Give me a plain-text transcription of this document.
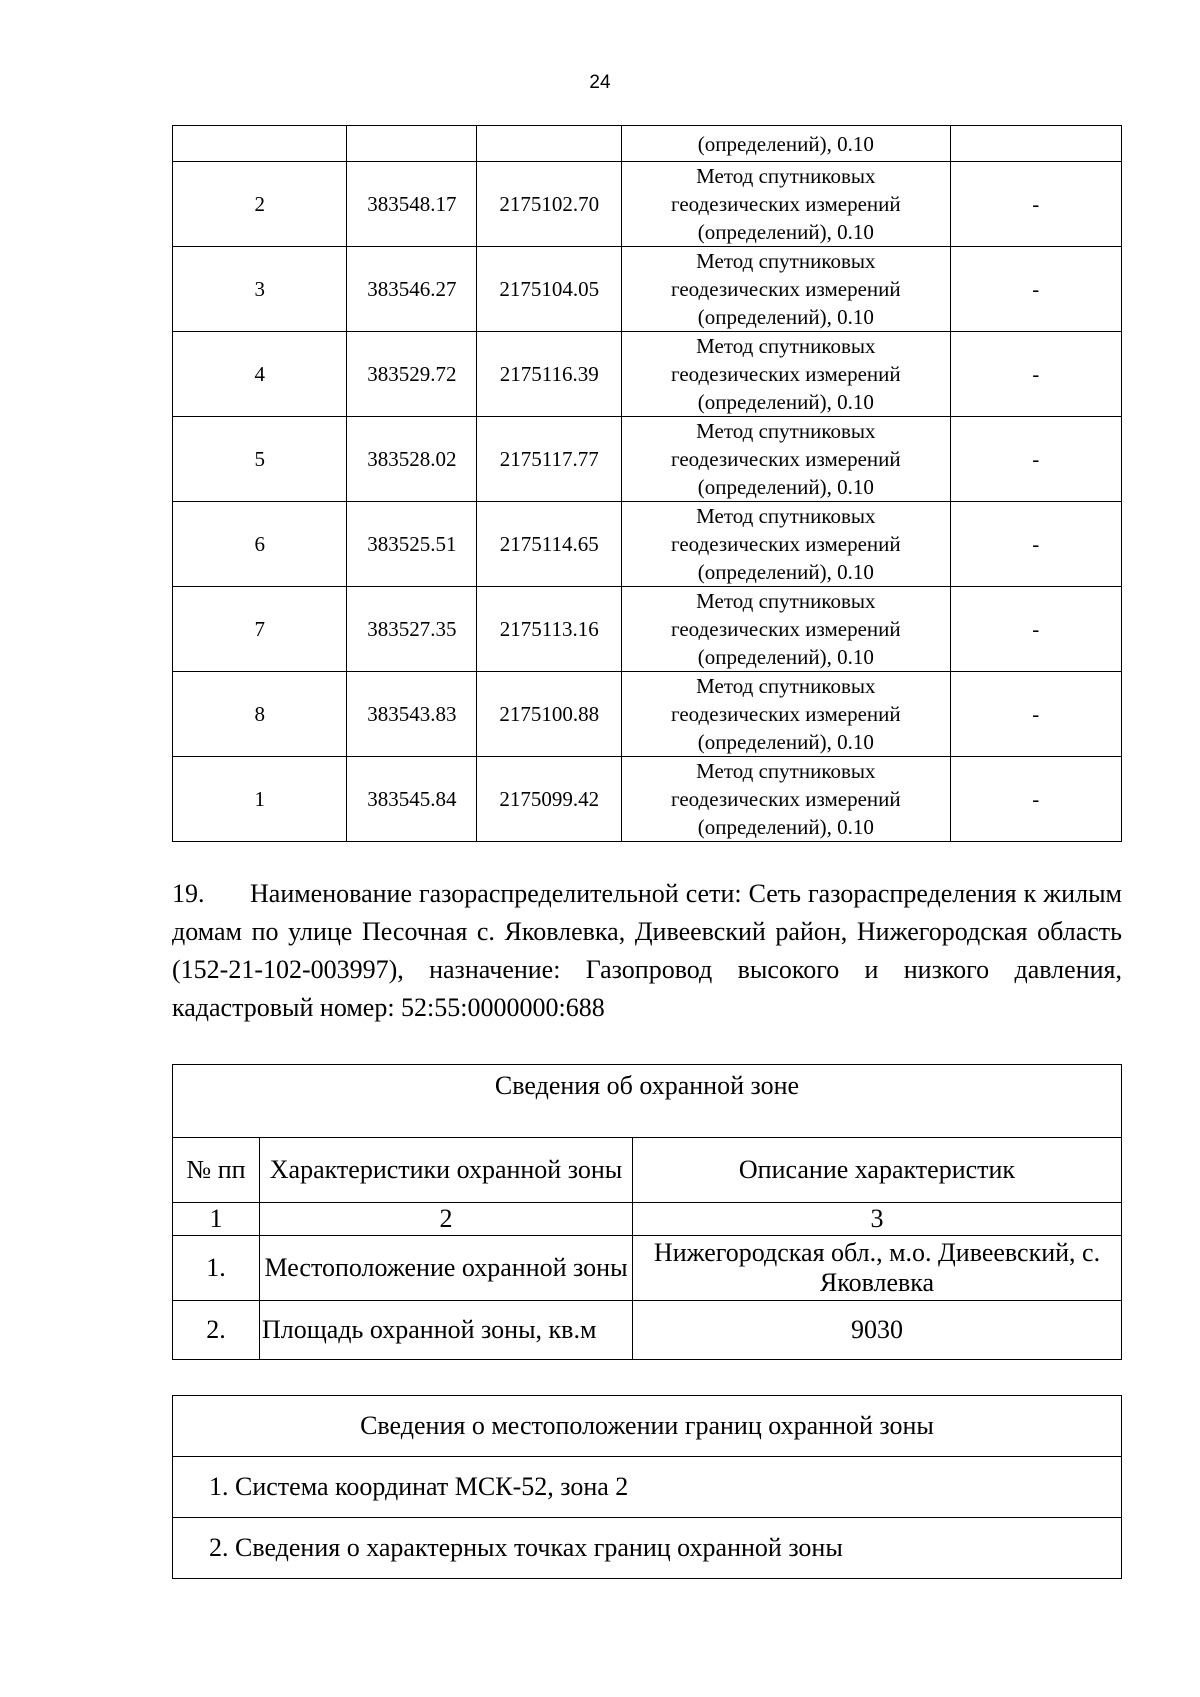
24
			(определений), 0.10	
2	383548.17	2175102.70	Метод спутниковых
геодезических измерений
(определений), 0.10	-
3	383546.27	2175104.05	Метод спутниковых
геодезических измерений
(определений), 0.10	-
4	383529.72	2175116.39	Метод спутниковых
геодезических измерений
(определений), 0.10	-
5	383528.02	2175117.77	Метод спутниковых
геодезических измерений
(определений), 0.10	-
6	383525.51	2175114.65	Метод спутниковых
геодезических измерений
(определений), 0.10	-
7	383527.35	2175113.16	Метод спутниковых
геодезических измерений
(определений), 0.10	-
8	383543.83	2175100.88	Метод спутниковых
геодезических измерений
(определений), 0.10	-
1	383545.84	2175099.42	Метод спутниковых
геодезических измерений
(определений), 0.10	-
19. Наименование газораспределительной сети: Сеть газораспределения к жилым домам по улице Песочная с. Яковлевка, Дивеевский район, Нижегородская область (152-21-102-003997), назначение: Газопровод высокого и низкого давления, кадастровый номер: 52:55:0000000:688
Сведения об охранной зоне		
№ пп	Характеристики охранной зоны	Описание характеристик
1	2	3
1.	Местоположение охранной зоны	Нижегородская обл., м.о. Дивеевский, с. Яковлевка
2.	Площадь охранной зоны, кв.м	9030
Сведения о местоположении границ охранной зоны
1. Система координат МСК-52, зона 2
2. Сведения о характерных точках границ охранной зоны
